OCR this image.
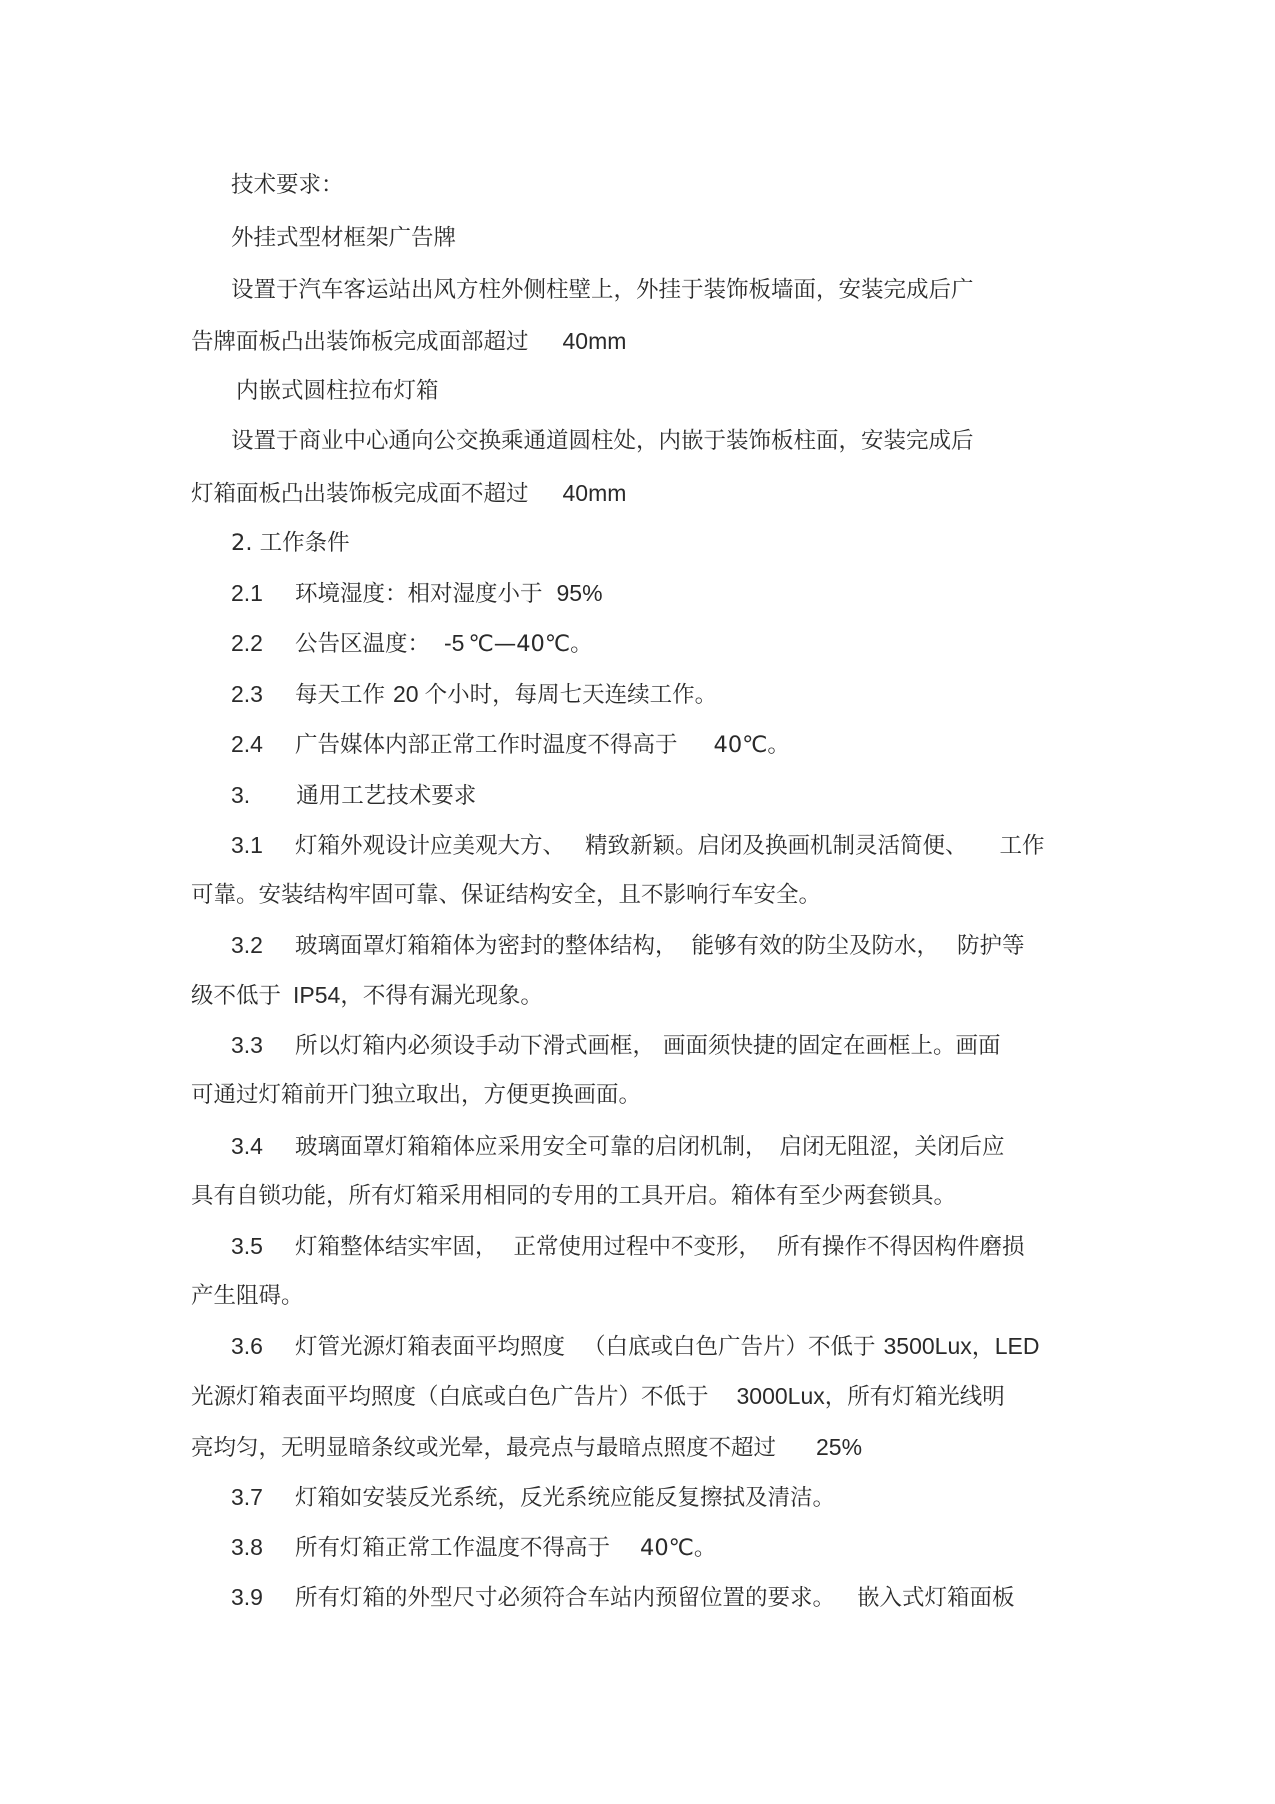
技术要求：
外挂式型材框架广告牌
设置于汽车客运站出风方柱外侧柱壁上，外挂于装饰板墙面，安装完成后广
告牌面板凸出装饰板完成面部超过 40mm
内嵌式圆柱拉布灯箱
设置于商业中心通向公交换乘通道圆柱处，内嵌于装饰板柱面，安装完成后
灯箱面板凸出装饰板完成面不超过 40mm
2. 工作条件
2.1 环境湿度：相对湿度小于 95%
2.2 公告区温度： -5 ℃—40℃。
2.3 每天工作 20 个小时，每周七天连续工作。
2.4 广告媒体内部正常工作时温度不得高于 40℃。
3. 通用工艺技术要求
3.1 灯箱外观设计应美观大方、 精致新颖。启闭及换画机制灵活简便、 工作
可靠。安装结构牢固可靠、保证结构安全，且不影响行车安全。
3.2 玻璃面罩灯箱箱体为密封的整体结构， 能够有效的防尘及防水， 防护等
级不低于 IP54，不得有漏光现象。
3.3 所以灯箱内必须设手动下滑式画框， 画面须快捷的固定在画框上。画面
可通过灯箱前开门独立取出，方便更换画面。
3.4 玻璃面罩灯箱箱体应采用安全可靠的启闭机制， 启闭无阻涩，关闭后应
具有自锁功能，所有灯箱采用相同的专用的工具开启。箱体有至少两套锁具。
3.5 灯箱整体结实牢固， 正常使用过程中不变形， 所有操作不得因构件磨损
产生阻碍。
3.6 灯管光源灯箱表面平均照度 （白底或白色广告片）不低于 3500Lux，LED
光源灯箱表面平均照度（白底或白色广告片）不低于 3000Lux，所有灯箱光线明
亮均匀，无明显暗条纹或光晕，最亮点与最暗点照度不超过 25%
3.7 灯箱如安装反光系统，反光系统应能反复擦拭及清洁。
3.8 所有灯箱正常工作温度不得高于 40℃。
3.9 所有灯箱的外型尺寸必须符合车站内预留位置的要求。 嵌入式灯箱面板
